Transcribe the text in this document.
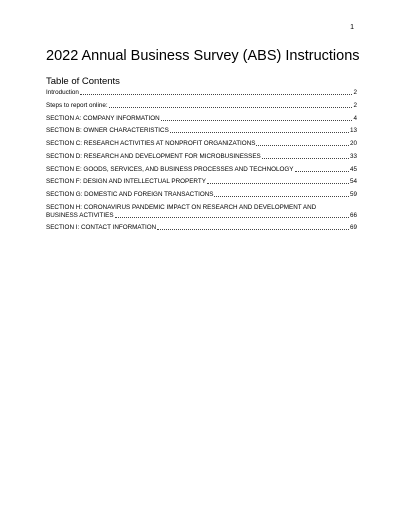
1
2022 Annual Business Survey (ABS) Instructions
Table of Contents
Introduction	2
Steps to report online:	2
SECTION A: COMPANY INFORMATION	4
SECTION B: OWNER CHARACTERISTICS	13
SECTION C: RESEARCH ACTIVITIES AT NONPROFIT ORGANIZATIONS	20
SECTION D: RESEARCH AND DEVELOPMENT FOR MICROBUSINESSES	33
SECTION E: GOODS, SERVICES, AND BUSINESS PROCESSES AND TECHNOLOGY	45
SECTION F: DESIGN AND INTELLECTUAL PROPERTY	54
SECTION G: DOMESTIC AND FOREIGN TRANSACTIONS	59
SECTION H: CORONAVIRUS PANDEMIC IMPACT ON RESEARCH AND DEVELOPMENT AND
BUSINESS ACTIVITIES	66
SECTION I: CONTACT INFORMATION	69
